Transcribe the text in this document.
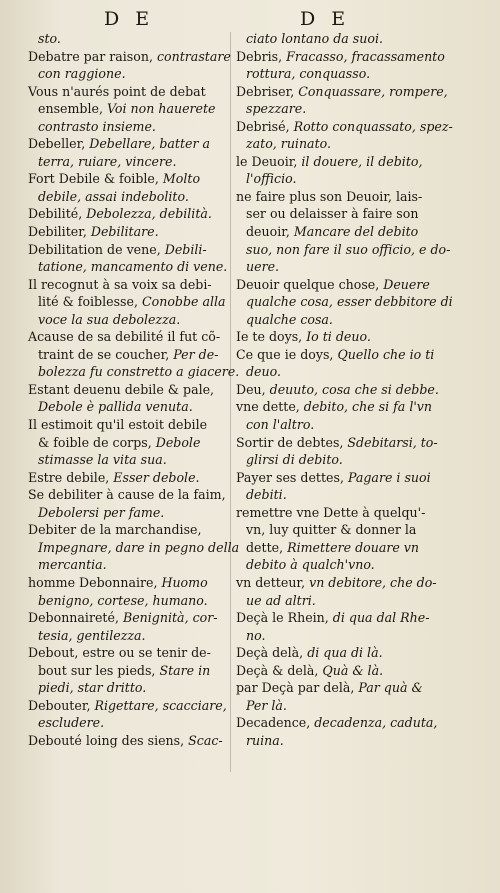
D E	D E
sto.
Debatre par raison, contrastare
con raggione.
Vous n'aurés point de debat
ensemble, Voi non hauerete
contrasto insieme.
Debeller, Debellare, batter a
terra, ruiare, vincere.
Fort Debile & foible, Molto
debile, assai indebolito.
Debilité, Debolezza, debilità.
Debiliter, Debilitare.
Debilitation de vene, Debili-
tatione, mancamento di vene.
Il recognut à sa voix sa debi-
lité & foiblesse, Conobbe alla
voce la sua debolezza.
Acause de sa debilité il fut cõ-
traint de se coucher, Per de-
bolezza fu constretto a giacere.
Estant deuenu debile & pale,
Debole è pallida venuta.
Il estimoit qu'il estoit debile
& foible de corps, Debole
stimasse la vita sua.
Estre debile, Esser debole.
Se debiliter à cause de la faim,
Debolersi per fame.
Debiter de la marchandise,
Impegnare, dare in pegno della
mercantia.
homme Debonnaire, Huomo
benigno, cortese, humano.
Debonnaireté, Benignità, cor-
tesia, gentilezza.
Debout, estre ou se tenir de-
bout sur les pieds, Stare in
piedi, star dritto.
Debouter, Rigettare, scacciare,
escludere.
Debouté loing des siens, Scac-
ciato lontano da suoi.
Debris, Fracasso, fracassamento
rottura, conquasso.
Debriser, Conquassare, rompere,
spezzare.
Debrisé, Rotto conquassato, spez-
zato, ruinato.
le Deuoir, il douere, il debito,
l'officio.
ne faire plus son Deuoir, lais-
ser ou delaisser à faire son
deuoir, Mancare del debito
suo, non fare il suo officio, e do-
uere.
Deuoir quelque chose, Deuere
qualche cosa, esser debbitore di
qualche cosa.
Ie te doys, Io ti deuo.
Ce que ie doys, Quello che io ti
deuo.
Deu, deuuto, cosa che si debbe.
vne dette, debito, che si fa l'vn
con l'altro.
Sortir de debtes, Sdebitarsi, to-
glirsi di debito.
Payer ses dettes, Pagare i suoi
debiti.
remettre vne Dette à quelqu'-
vn, luy quitter & donner la
dette, Rimettere douare vn
debito à qualch'vno.
vn detteur, vn debitore, che do-
ue ad altri.
Deçà le Rhein, di qua dal Rhe-
no.
Deçà delà, di qua di là.
Deçà & delà, Quà & là.
par Deçà par delà, Par quà &
Per là.
Decadence, decadenza, caduta,
ruina.
